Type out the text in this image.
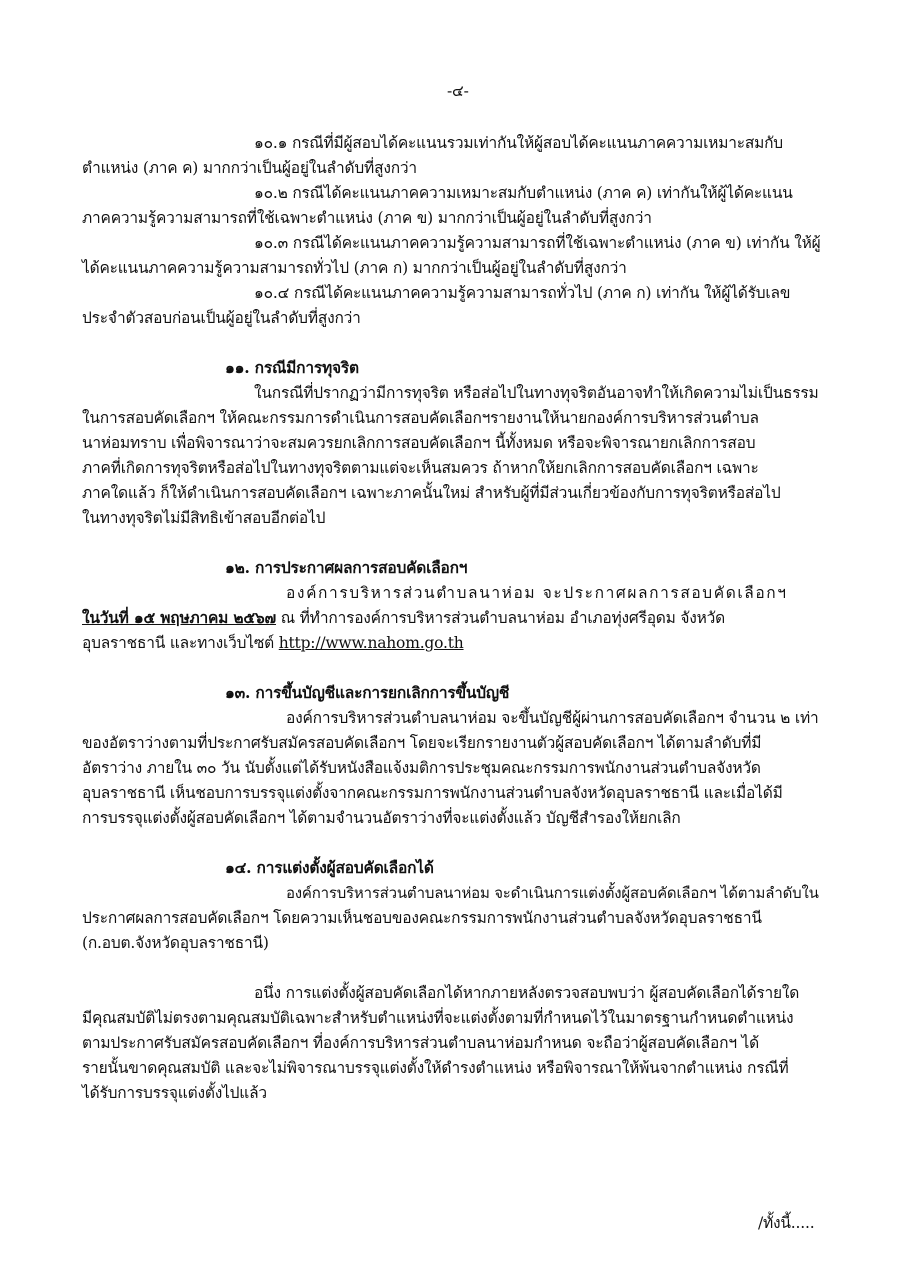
-๔-
๑๐.๑ กรณีที่มีผู้สอบได้คะแนนรวมเท่ากันให้ผู้สอบได้คะแนนภาคความเหมาะสมกับ
ตำแหน่ง (ภาค ค) มากกว่าเป็นผู้อยู่ในลำดับที่สูงกว่า
๑๐.๒ กรณีได้คะแนนภาคความเหมาะสมกับตำแหน่ง (ภาค ค) เท่ากันให้ผู้ได้คะแนน
ภาคความรู้ความสามารถที่ใช้เฉพาะตำแหน่ง (ภาค ข) มากกว่าเป็นผู้อยู่ในลำดับที่สูงกว่า
๑๐.๓ กรณีได้คะแนนภาคความรู้ความสามารถที่ใช้เฉพาะตำแหน่ง (ภาค ข) เท่ากัน ให้ผู้
ได้คะแนนภาคความรู้ความสามารถทั่วไป (ภาค ก) มากกว่าเป็นผู้อยู่ในลำดับที่สูงกว่า
๑๐.๔ กรณีได้คะแนนภาคความรู้ความสามารถทั่วไป (ภาค ก) เท่ากัน ให้ผู้ได้รับเลข
ประจำตัวสอบก่อนเป็นผู้อยู่ในลำดับที่สูงกว่า
๑๑. กรณีมีการทุจริต
ในกรณีที่ปรากฏว่ามีการทุจริต หรือส่อไปในทางทุจริตอันอาจทำให้เกิดความไม่เป็นธรรม
ในการสอบคัดเลือกฯ ให้คณะกรรมการดำเนินการสอบคัดเลือกฯรายงานให้นายกองค์การบริหารส่วนตำบล
นาห่อมทราบ เพื่อพิจารณาว่าจะสมควรยกเลิกการสอบคัดเลือกฯ นี้ทั้งหมด หรือจะพิจารณายกเลิกการสอบ
ภาคที่เกิดการทุจริตหรือส่อไปในทางทุจริตตามแต่จะเห็นสมควร ถ้าหากให้ยกเลิกการสอบคัดเลือกฯ เฉพาะ
ภาคใดแล้ว ก็ให้ดำเนินการสอบคัดเลือกฯ เฉพาะภาคนั้นใหม่ สำหรับผู้ที่มีส่วนเกี่ยวข้องกับการทุจริตหรือส่อไป
ในทางทุจริตไม่มีสิทธิเข้าสอบอีกต่อไป
๑๒. การประกาศผลการสอบคัดเลือกฯ
องค์การบริหารส่วนตำบลนาห่อม จะประกาศผลการสอบคัดเลือกฯ
ในวันที่ ๑๕ พฤษภาคม ๒๕๖๗ ณ ที่ทำการองค์การบริหารส่วนตำบลนาห่อม อำเภอทุ่งศรีอุดม จังหวัด
อุบลราชธานี และทางเว็บไซต์ http://www.nahom.go.th
๑๓. การขึ้นบัญชีและการยกเลิกการขึ้นบัญชี
องค์การบริหารส่วนตำบลนาห่อม จะขึ้นบัญชีผู้ผ่านการสอบคัดเลือกฯ จำนวน ๒ เท่า
ของอัตราว่างตามที่ประกาศรับสมัครสอบคัดเลือกฯ โดยจะเรียกรายงานตัวผู้สอบคัดเลือกฯ ได้ตามลำดับที่มี
อัตราว่าง ภายใน ๓๐ วัน นับตั้งแต่ได้รับหนังสือแจ้งมติการประชุมคณะกรรมการพนักงานส่วนตำบลจังหวัด
อุบลราชธานี เห็นชอบการบรรจุแต่งตั้งจากคณะกรรมการพนักงานส่วนตำบลจังหวัดอุบลราชธานี และเมื่อได้มี
การบรรจุแต่งตั้งผู้สอบคัดเลือกฯ ได้ตามจำนวนอัตราว่างที่จะแต่งตั้งแล้ว บัญชีสำรองให้ยกเลิก
๑๔. การแต่งตั้งผู้สอบคัดเลือกได้
องค์การบริหารส่วนตำบลนาห่อม จะดำเนินการแต่งตั้งผู้สอบคัดเลือกฯ ได้ตามลำดับใน
ประกาศผลการสอบคัดเลือกฯ โดยความเห็นชอบของคณะกรรมการพนักงานส่วนตำบลจังหวัดอุบลราชธานี
(ก.อบต.จังหวัดอุบลราชธานี)
อนึ่ง การแต่งตั้งผู้สอบคัดเลือกได้หากภายหลังตรวจสอบพบว่า ผู้สอบคัดเลือกได้รายใด
มีคุณสมบัติไม่ตรงตามคุณสมบัติเฉพาะสำหรับตำแหน่งที่จะแต่งตั้งตามที่กำหนดไว้ในมาตรฐานกำหนดตำแหน่ง
ตามประกาศรับสมัครสอบคัดเลือกฯ ที่องค์การบริหารส่วนตำบลนาห่อมกำหนด จะถือว่าผู้สอบคัดเลือกฯ ได้
รายนั้นขาดคุณสมบัติ และจะไม่พิจารณาบรรจุแต่งตั้งให้ดำรงตำแหน่ง หรือพิจารณาให้พ้นจากตำแหน่ง กรณีที่
ได้รับการบรรจุแต่งตั้งไปแล้ว
/ทั้งนี้.....
